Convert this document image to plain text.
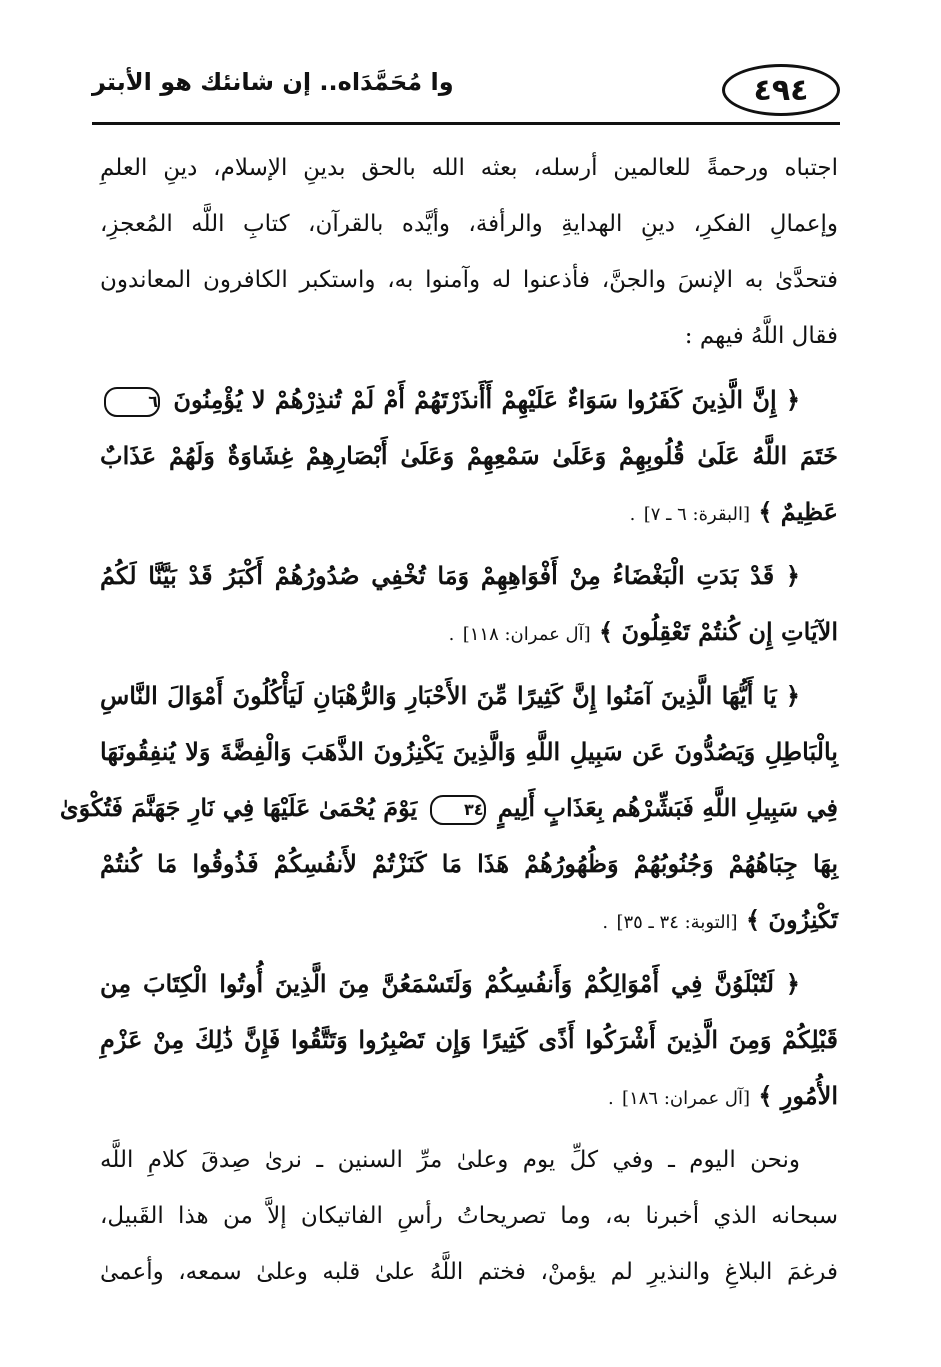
وا مُحَمَّدَاه.. إن شانئك هو الأبتر	٤٩٤
اجتباه ورحمةً للعالمين أرسله، بعثه الله بالحق بدينِ الإسلام، دينِ العلمِ
وإعمالِ الفكرِ، دينِ الهدايةِ والرأفة، وأيَّده بالقرآن، كتابِ اللَّه المُعجزِ،
فتحدَّىٰ به الإنسَ والجنَّ، فأذعنوا له وآمنوا به، واستكبر الكافرون المعاندون
فقال اللَّهُ فيهم :
﴿ إِنَّ الَّذِينَ كَفَرُوا سَوَاءٌ عَلَيْهِمْ أَأَنذَرْتَهُمْ أَمْ لَمْ تُنذِرْهُمْ لا يُؤْمِنُونَ ٦
خَتَمَ اللَّهُ عَلَىٰ قُلُوبِهِمْ وَعَلَىٰ سَمْعِهِمْ وَعَلَىٰ أَبْصَارِهِمْ غِشَاوَةٌ وَلَهُمْ عَذَابٌ
عَظِيمٌ ﴾ [البقرة: ٦ ـ ٧] .
﴿ قَدْ بَدَتِ الْبَغْضَاءُ مِنْ أَفْوَاهِهِمْ وَمَا تُخْفِي صُدُورُهُمْ أَكْبَرُ قَدْ بَيَّنَّا لَكُمُ
الآيَاتِ إِن كُنتُمْ تَعْقِلُونَ ﴾ [آل عمران: ١١٨] .
﴿ يَا أَيُّهَا الَّذِينَ آمَنُوا إِنَّ كَثِيرًا مِّنَ الأَحْبَارِ وَالرُّهْبَانِ لَيَأْكُلُونَ أَمْوَالَ النَّاسِ
بِالْبَاطِلِ وَيَصُدُّونَ عَن سَبِيلِ اللَّهِ وَالَّذِينَ يَكْنِزُونَ الذَّهَبَ وَالْفِضَّةَ وَلا يُنفِقُونَهَا
فِي سَبِيلِ اللَّهِ فَبَشِّرْهُم بِعَذَابٍ أَلِيمٍ ٣٤ يَوْمَ يُحْمَىٰ عَلَيْهَا فِي نَارِ جَهَنَّمَ فَتُكْوَىٰ
بِهَا جِبَاهُهُمْ وَجُنُوبُهُمْ وَظُهُورُهُمْ هَذَا مَا كَنَزْتُمْ لأَنفُسِكُمْ فَذُوقُوا مَا كُنتُمْ
تَكْنِزُونَ ﴾ [التوبة: ٣٤ ـ ٣٥] .
﴿ لَتُبْلَوُنَّ فِي أَمْوَالِكُمْ وَأَنفُسِكُمْ وَلَتَسْمَعُنَّ مِنَ الَّذِينَ أُوتُوا الْكِتَابَ مِن
قَبْلِكُمْ وَمِنَ الَّذِينَ أَشْرَكُوا أَذًى كَثِيرًا وَإِن تَصْبِرُوا وَتَتَّقُوا فَإِنَّ ذَٰلِكَ مِنْ عَزْمِ
الأُمُورِ ﴾ [آل عمران: ١٨٦] .
ونحن اليوم ـ وفي كلِّ يوم وعلىٰ مرِّ السنين ـ نرىٰ صِدقَ كلامِ اللَّه
سبحانه الذي أخبرنا به، وما تصريحاتُ رأسِ الفاتيكان إلاَّ من هذا القَبيل،
فرغمَ البلاغِ والنذيرِ لم يؤمنْ، فختم اللَّهُ علىٰ قلبه وعلىٰ سمعه، وأعمىٰ
